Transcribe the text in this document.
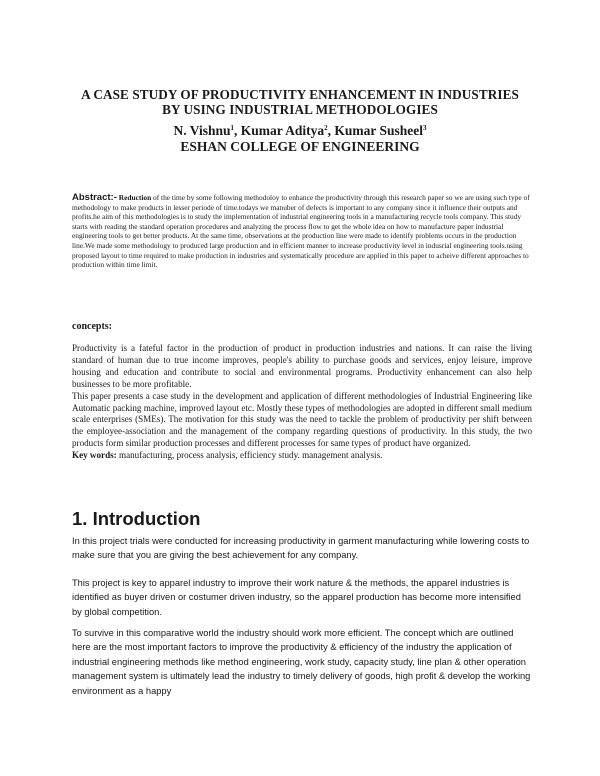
A CASE STUDY OF PRODUCTIVITY ENHANCEMENT IN INDUSTRIES
BY USING INDUSTRIAL METHODOLOGIES
N. Vishnu$^1$, Kumar Aditya$^2$, Kumar Susheel$^3$
ESHAN COLLEGE OF ENGINEERING
Abstract:- Reduction of the time by some following methodoloy to enhance the productivity through this research paper so we are using such type of methodology to make products in lesser periode of time.todays we manuber of defects is important to any company since it influence their outputs and profits.he aim of this methodologies is to study the implementation of industrial engineering tools in a manufacturing recycle tools company. This study starts with reading the standard operation procedures and analyzing the process flow to get the whole idea on how to manufacture paper industrial engineering tools to get better products. At the same time, observations at the production line were made to identify problems occurs in the production line.We made some methodology to produced large production and in efficient manner to increase productivity level in indusrial engineering tools.using proposed layout to time required to make production in industries and systematically procedure are applied in this paper to acheive different approaches to production within time limit.
concepts:

Productivity is a fateful factor in the production of product in production industries and nations. It can raise the living standard of human due to true income improves, people's ability to purchase goods and services, enjoy leisure, improve housing and education and contribute to social and environmental programs. Productivity enhancement can also help businesses to be more profitable.

This paper presents a case study in the development and application of different methodologies of Industrial Engineering like Automatic packing machine, improved layout etc. Mostly these types of methodologies are adopted in different small medium scale enterprises (SMEs). The motivation for this study was the need to tackle the problem of productivity per shift between the employee-association and the management of the company regarding questions of productivity. In this study, the two products form similar production processes and different processes for same types of product have organized.

Key words: manufacturing, process analysis, efficiency study. management analysis.

1. Introduction

In this project trials were conducted for increasing productivity in garment manufacturing while lowering costs to make sure that you are giving the best achievement for any company.

This project is key to apparel industry to improve their work nature & the methods, the apparel industries is identified as buyer driven or costumer driven industry, so the apparel production has become more intensified by global competition.

To survive in this comparative world the industry should work more efficient. The concept which are outlined here are the most important factors to improve the productivity & efficiency of the industry the application of industrial engineering methods like method engineering, work study, capacity study, line plan & other operation management system is ultimately lead the industry to timely delivery of goods, high profit & develop the working environment as a happy
